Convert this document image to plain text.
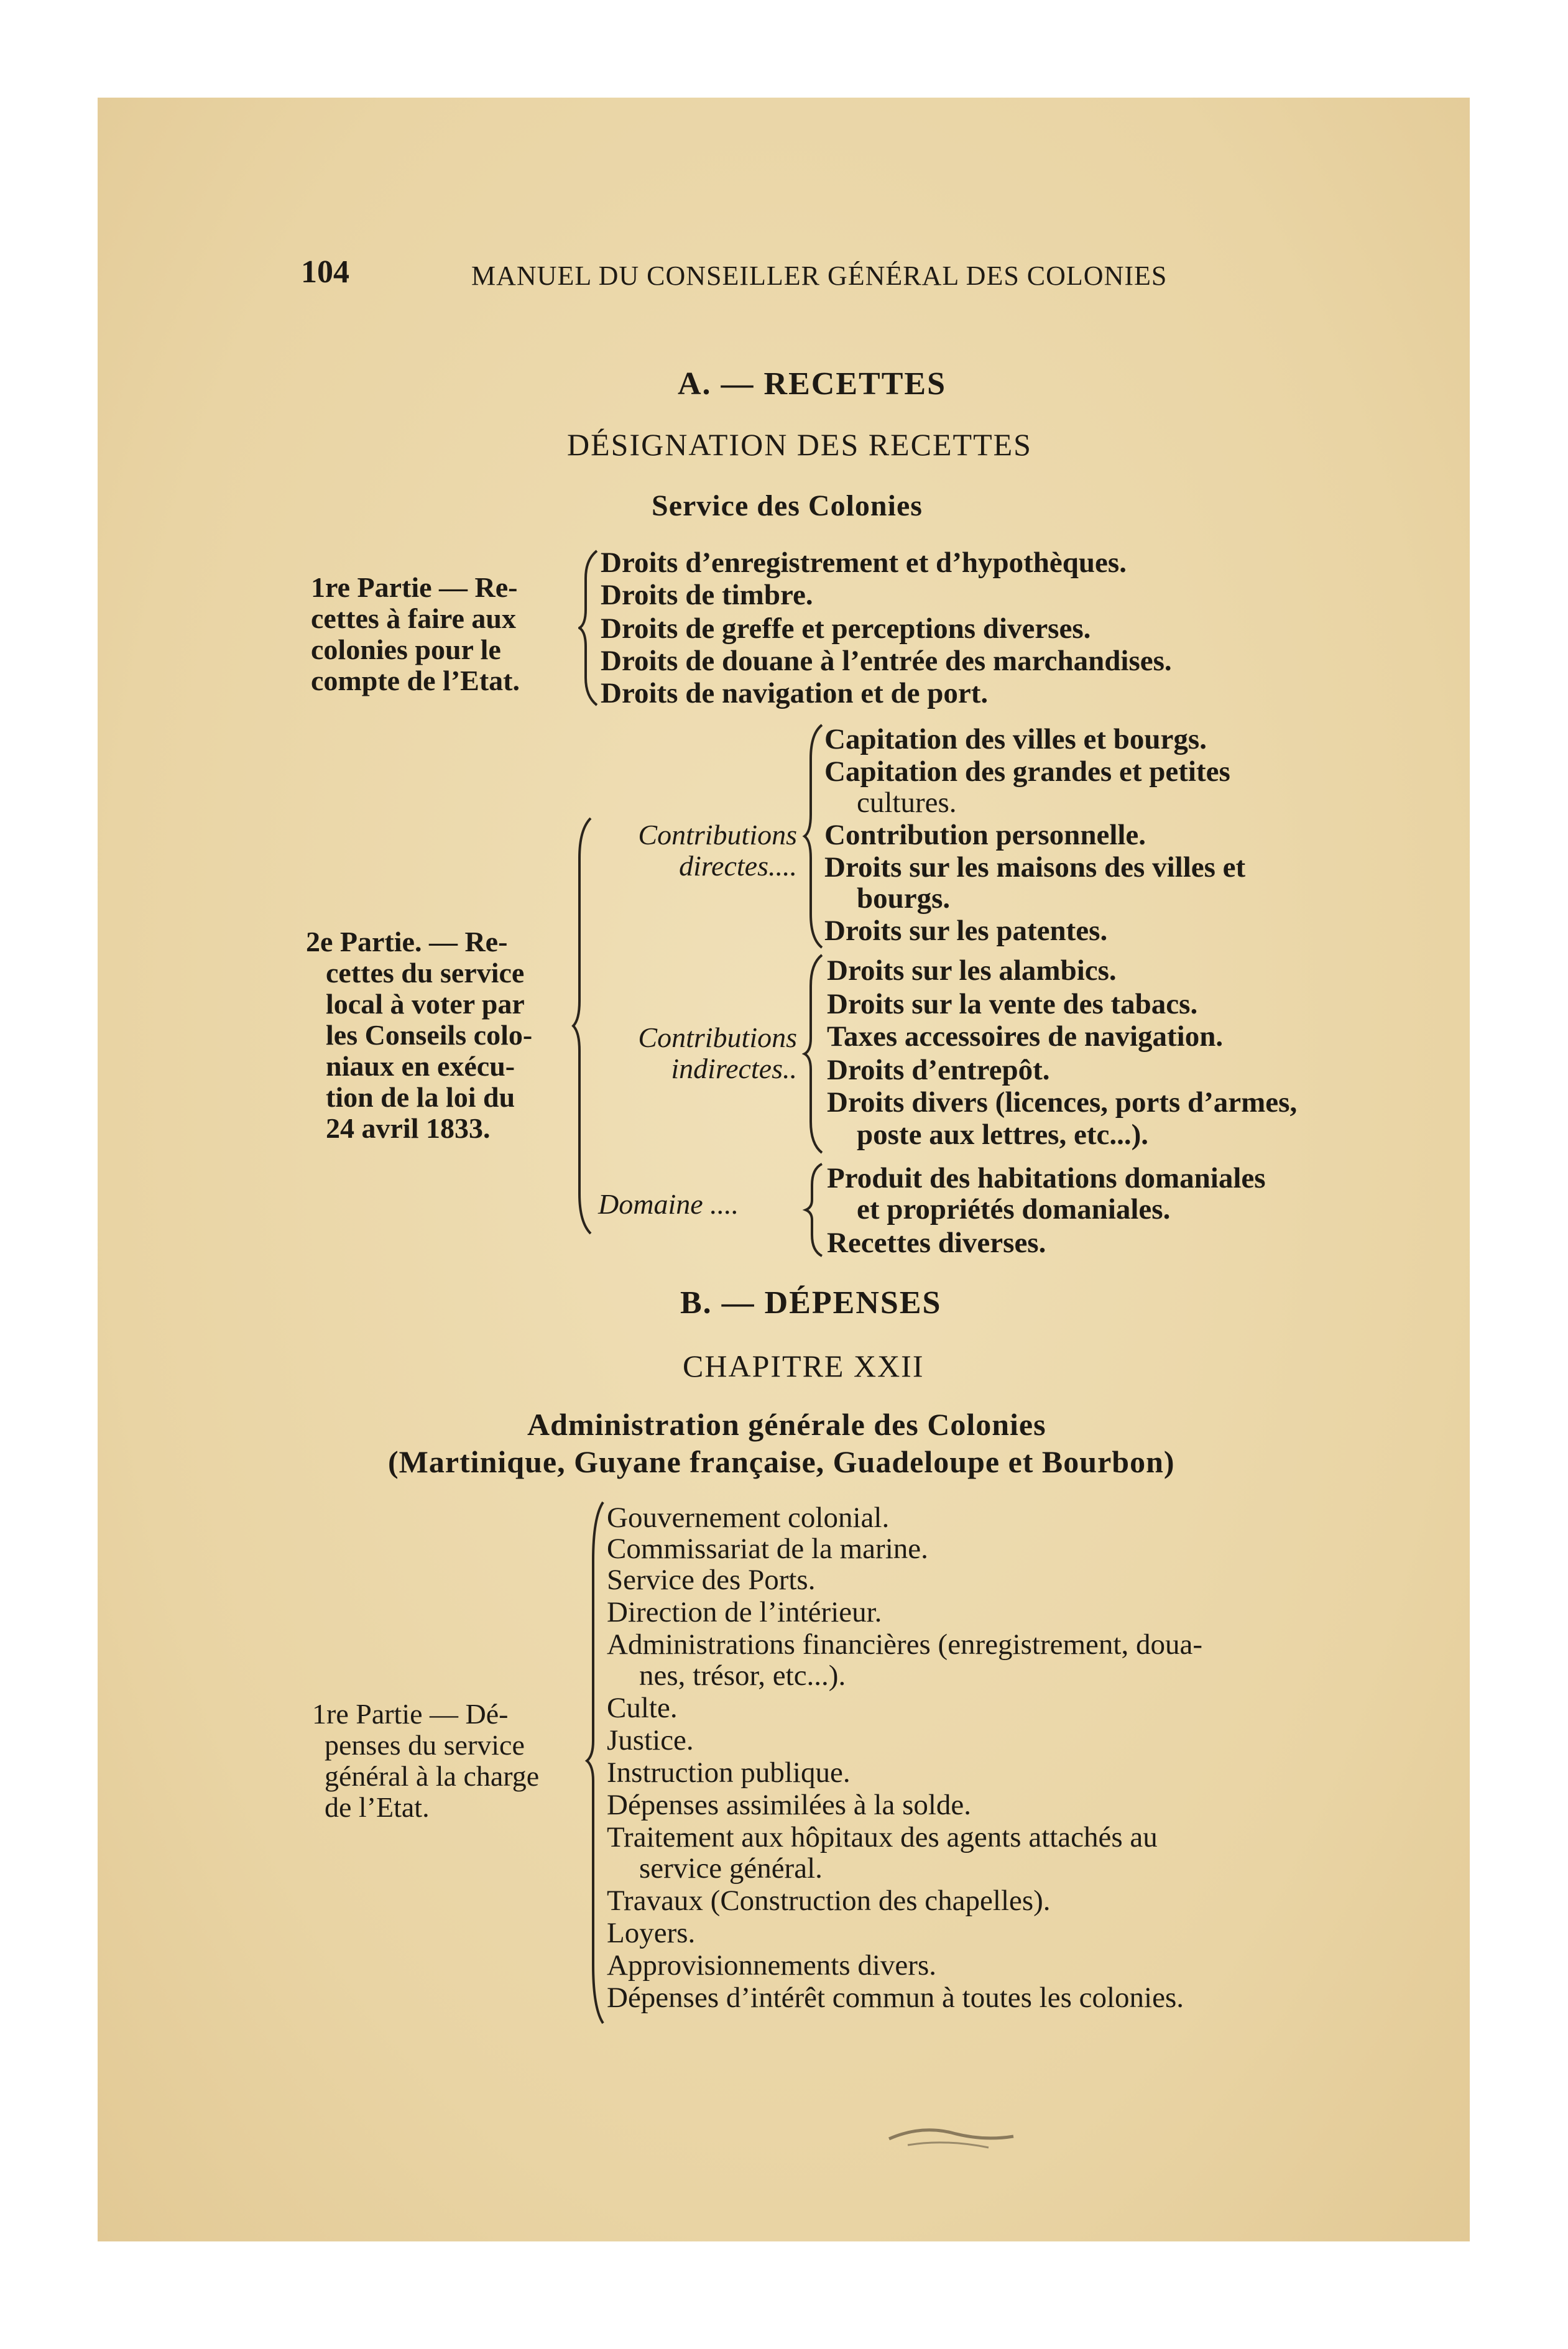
104	MANUEL DU CONSEILLER GÉNÉRAL DES COLONIES
A. — RECETTES
DÉSIGNATION DES RECETTES
Service des Colonies
1re Partie — Re-
cettes à faire aux
colonies pour le
compte de l’Etat.
Droits d’enregistrement et d’hypothèques.
Droits de timbre.
Droits de greffe et perceptions diverses.
Droits de douane à l’entrée des marchandises.
Droits de navigation et de port.
2e Partie. — Re-
cettes du service
local à voter par
les Conseils colo-
niaux en exécu-
tion de la loi du
24 avril 1833.
Contributions
directes....
Capitation des villes et bourgs.
Capitation des grandes et petites
cultures.
Contribution personnelle.
Droits sur les maisons des villes et
bourgs.
Droits sur les patentes.
Contributions
indirectes..
Droits sur les alambics.
Droits sur la vente des tabacs.
Taxes accessoires de navigation.
Droits d’entrepôt.
Droits divers (licences, ports d’armes,
poste aux lettres, etc...).
Domaine ....
Produit des habitations domaniales
et propriétés domaniales.
Recettes diverses.
B. — DÉPENSES
CHAPITRE XXII
Administration générale des Colonies
(Martinique, Guyane française, Guadeloupe et Bourbon)
1re Partie — Dé-
penses du service
général à la charge
de l’Etat.
Gouvernement colonial.
Commissariat de la marine.
Service des Ports.
Direction de l’intérieur.
Administrations financières (enregistrement, doua-
nes, trésor, etc...).
Culte.
Justice.
Instruction publique.
Dépenses assimilées à la solde.
Traitement aux hôpitaux des agents attachés au
service général.
Travaux (Construction des chapelles).
Loyers.
Approvisionnements divers.
Dépenses d’intérêt commun à toutes les colonies.
